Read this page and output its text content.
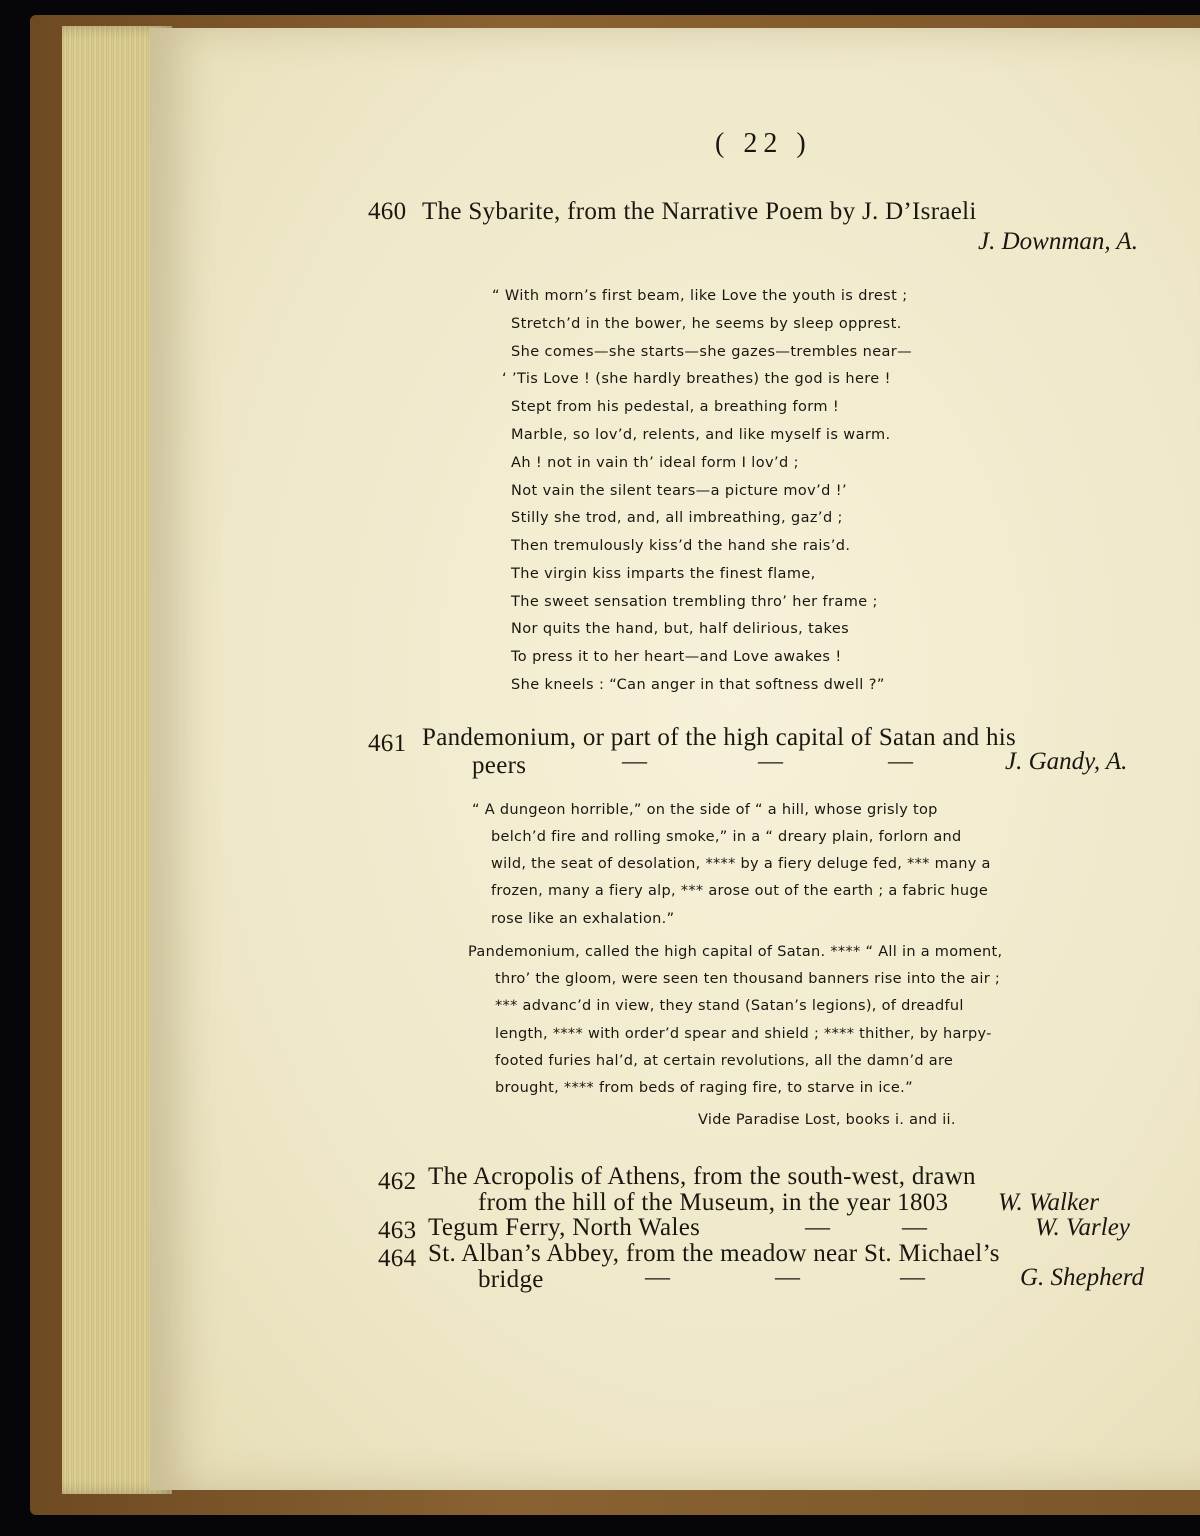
( 22 )
460 The Sybarite, from the Narrative Poem by J. D’Israeli
J. Downman, A.
“ With morn’s first beam, like Love the youth is drest ;
Stretch’d in the bower, he seems by sleep opprest.
She comes—she starts—she gazes—trembles near—
‘ ’Tis Love ! (she hardly breathes) the god is here !
Stept from his pedestal, a breathing form !
Marble, so lov’d, relents, and like myself is warm.
Ah ! not in vain th’ ideal form I lov’d ;
Not vain the silent tears—a picture mov’d !’
Stilly she trod, and, all imbreathing, gaz’d ;
Then tremulously kiss’d the hand she rais’d.
The virgin kiss imparts the finest flame,
The sweet sensation trembling thro’ her frame ;
Nor quits the hand, but, half delirious, takes
To press it to her heart—and Love awakes !
She kneels : “Can anger in that softness dwell ?”
461 Pandemonium, or part of the high capital of Satan and his
peers	—	—	—	J. Gandy, A.
“ A dungeon horrible,” on the side of “ a hill, whose grisly top
belch’d fire and rolling smoke,” in a “ dreary plain, forlorn and
wild, the seat of desolation, **** by a fiery deluge fed, *** many a
frozen, many a fiery alp, *** arose out of the earth ; a fabric huge
rose like an exhalation.”
Pandemonium, called the high capital of Satan. **** “ All in a moment,
thro’ the gloom, were seen ten thousand banners rise into the air ;
*** advanc’d in view, they stand (Satan’s legions), of dreadful
length, **** with order’d spear and shield ; **** thither, by harpy-
footed furies hal’d, at certain revolutions, all the damn’d are
brought, **** from beds of raging fire, to starve in ice.”
Vide Paradise Lost, books i. and ii.
462 The Acropolis of Athens, from the south-west, drawn
from the hill of the Museum, in the year 1803 W. Walker
463 Tegum Ferry, North Wales	—	—	W. Varley
464 St. Alban’s Abbey, from the meadow near St. Michael’s
bridge	—	—	—	G. Shepherd
